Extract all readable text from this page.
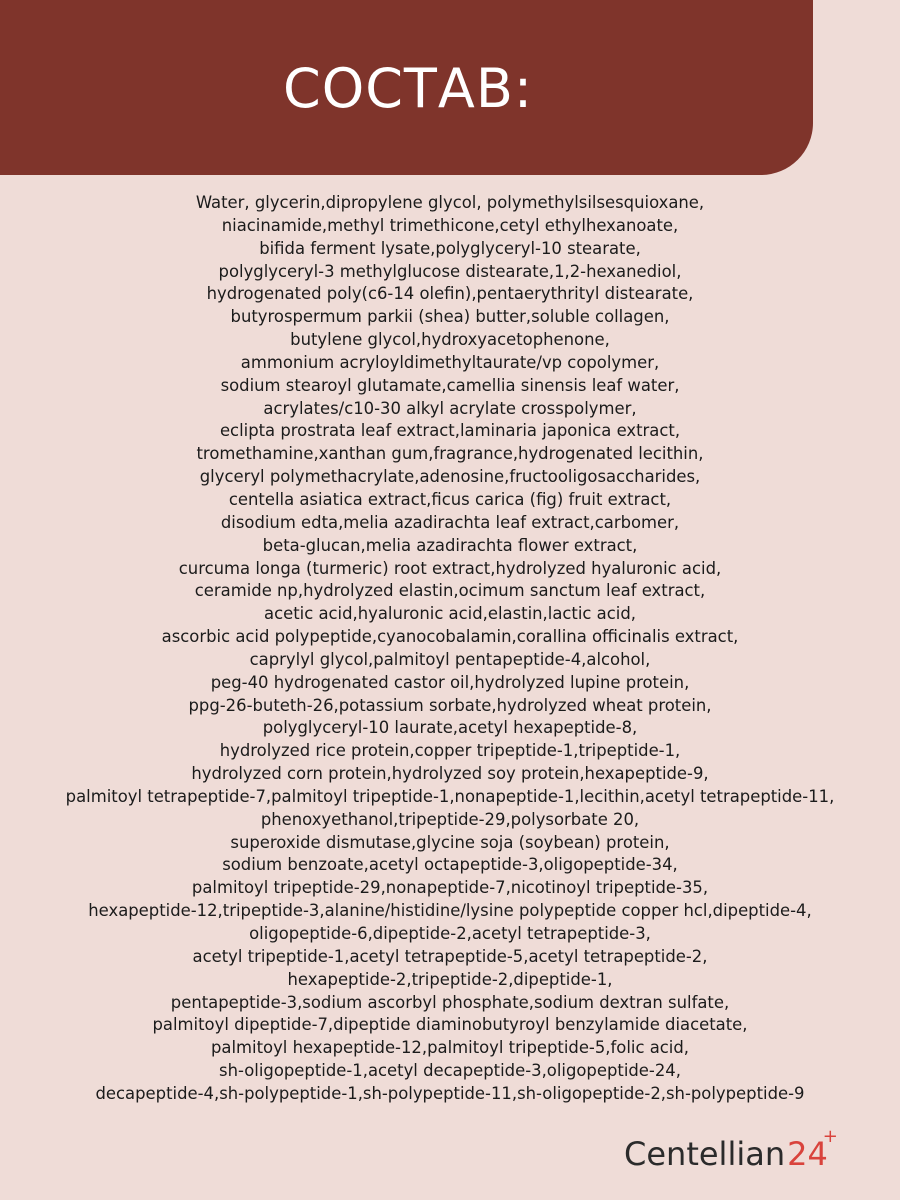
СОСТАВ:
Water, glycerin,dipropylene glycol, polymethylsilsesquioxane,
niacinamide,methyl trimethicone,cetyl ethylhexanoate,
bifida ferment lysate,polyglyceryl-10 stearate,
polyglyceryl-3 methylglucose distearate,1,2-hexanediol,
hydrogenated poly(c6-14 olefin),pentaerythrityl distearate,
butyrospermum parkii (shea) butter,soluble collagen,
butylene glycol,hydroxyacetophenone,
ammonium acryloyldimethyltaurate/vp copolymer,
sodium stearoyl glutamate,camellia sinensis leaf water,
acrylates/c10-30 alkyl acrylate crosspolymer,
eclipta prostrata leaf extract,laminaria japonica extract,
tromethamine,xanthan gum,fragrance,hydrogenated lecithin,
glyceryl polymethacrylate,adenosine,fructooligosaccharides,
centella asiatica extract,ficus carica (fig) fruit extract,
disodium edta,melia azadirachta leaf extract,carbomer,
beta-glucan,melia azadirachta flower extract,
curcuma longa (turmeric) root extract,hydrolyzed hyaluronic acid,
ceramide np,hydrolyzed elastin,ocimum sanctum leaf extract,
acetic acid,hyaluronic acid,elastin,lactic acid,
ascorbic acid polypeptide,cyanocobalamin,corallina officinalis extract,
caprylyl glycol,palmitoyl pentapeptide-4,alcohol,
peg-40 hydrogenated castor oil,hydrolyzed lupine protein,
ppg-26-buteth-26,potassium sorbate,hydrolyzed wheat protein,
polyglyceryl-10 laurate,acetyl hexapeptide-8,
hydrolyzed rice protein,copper tripeptide-1,tripeptide-1,
hydrolyzed corn protein,hydrolyzed soy protein,hexapeptide-9,
palmitoyl tetrapeptide-7,palmitoyl tripeptide-1,nonapeptide-1,lecithin,acetyl tetrapeptide-11,
phenoxyethanol,tripeptide-29,polysorbate 20,
superoxide dismutase,glycine soja (soybean) protein,
sodium benzoate,acetyl octapeptide-3,oligopeptide-34,
palmitoyl tripeptide-29,nonapeptide-7,nicotinoyl tripeptide-35,
hexapeptide-12,tripeptide-3,alanine/histidine/lysine polypeptide copper hcl,dipeptide-4,
oligopeptide-6,dipeptide-2,acetyl tetrapeptide-3,
acetyl tripeptide-1,acetyl tetrapeptide-5,acetyl tetrapeptide-2,
hexapeptide-2,tripeptide-2,dipeptide-1,
pentapeptide-3,sodium ascorbyl phosphate,sodium dextran sulfate,
palmitoyl dipeptide-7,dipeptide diaminobutyroyl benzylamide diacetate,
palmitoyl hexapeptide-12,palmitoyl tripeptide-5,folic acid,
sh-oligopeptide-1,acetyl decapeptide-3,oligopeptide-24,
decapeptide-4,sh-polypeptide-1,sh-polypeptide-11,sh-oligopeptide-2,sh-polypeptide-9
Centellian24
+
